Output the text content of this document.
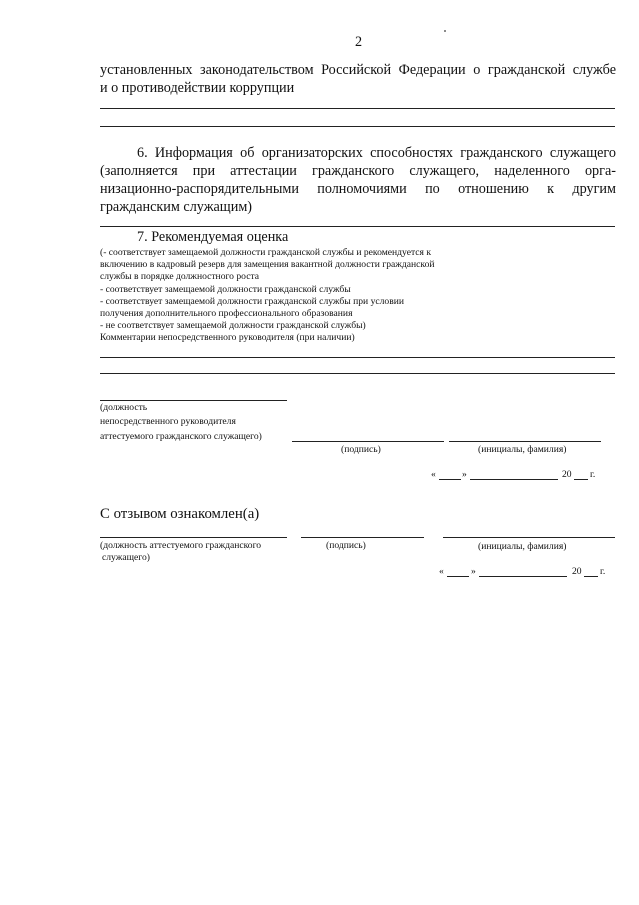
2
установленных законодательством Российской Федерации о гражданской службе
и о противодействии коррупции
6. Информация об организаторских способностях гражданского служащего
(заполняется при аттестации гражданского служащего, наделенного орга-
низационно-распорядительными полномочиями по отношению к другим
гражданским служащим)
7. Рекомендуемая оценка
(- соответствует замещаемой должности гражданской службы и рекомендуется к
включению в кадровый резерв для замещения вакантной должности гражданской
службы в порядке должностного роста
- соответствует замещаемой должности гражданской службы
- соответствует замещаемой должности гражданской службы при условии
получения дополнительного профессионального образования
- не соответствует замещаемой должности гражданской службы)
Комментарии непосредственного руководителя (при наличии)
(должность
непосредственного руководителя
аттестуемого гражданского служащего)
(подпись)	(инициалы, фамилия)
«	»	20 г.
С отзывом ознакомлен(а)
(должность аттестуемого гражданского
служащего)
(подпись)	(инициалы, фамилия)
«	»	20 г.
